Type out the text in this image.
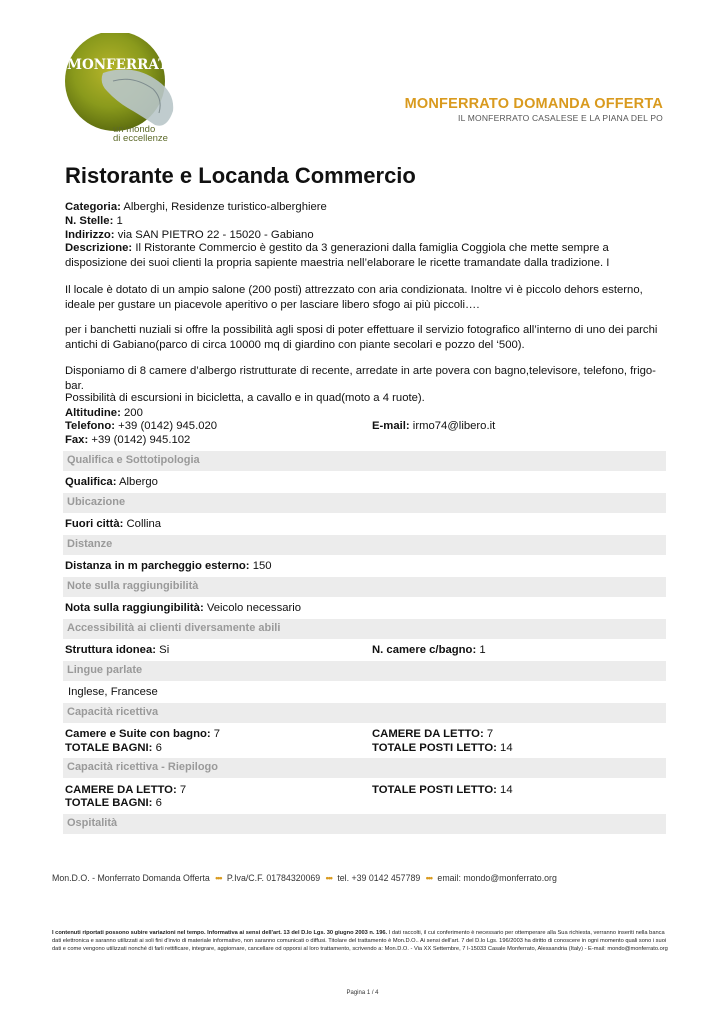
MONFERRATO
un mondo
di eccellenze
MONFERRATO DOMANDA OFFERTA
IL MONFERRATO CASALESE E LA PIANA DEL PO
Ristorante e Locanda Commercio
Categoria: Alberghi, Residenze turistico-alberghiere
N. Stelle: 1
Indirizzo: via SAN PIETRO 22 - 15020 - Gabiano
Descrizione: Il Ristorante Commercio è gestito da 3 generazioni dalla famiglia Coggiola che mette sempre a disposizione dei suoi clienti la propria sapiente maestria nell’elaborare le ricette tramandate dalla tradizione. I
Il locale è dotato di un ampio salone (200 posti) attrezzato con aria condizionata. Inoltre vi è piccolo dehors esterno, ideale per gustare un piacevole aperitivo o per lasciare libero sfogo ai più piccoli….
per i banchetti nuziali si offre la possibilità agli sposi di poter effettuare il servizio fotografico all’interno di uno dei parchi antichi di Gabiano(parco di circa 10000 mq di giardino con piante secolari e pozzo del ‘500).
Disponiamo di 8 camere d’albergo ristrutturate di recente, arredate in arte povera con bagno,televisore, telefono, frigo-bar.
Possibilità di escursioni in bicicletta, a cavallo e in quad(moto a 4 ruote).
Altitudine: 200
Telefono: +39 (0142) 945.020	E-mail: irmo74@libero.it
Fax: +39 (0142) 945.102
Qualifica e Sottotipologia
Qualifica: Albergo
Ubicazione
Fuori città: Collina
Distanze
Distanza in m parcheggio esterno: 150
Note sulla raggiungibilità
Nota sulla raggiungibilità: Veicolo necessario
Accessibilità ai clienti diversamente abili
Struttura idonea: Si	N. camere c/bagno: 1
Lingue parlate
Inglese, Francese
Capacità ricettiva
Camere e Suite con bagno: 7
TOTALE BAGNI: 6
CAMERE DA LETTO: 7
TOTALE POSTI LETTO: 14
Capacità ricettiva - Riepilogo
CAMERE DA LETTO: 7
TOTALE BAGNI: 6
TOTALE POSTI LETTO: 14
Ospitalità
Mon.D.O. - Monferrato Domanda Offerta ••• P.Iva/C.F. 01784320069 ••• tel. +39 0142 457789 ••• email: mondo@monferrato.org
I contenuti riportati possono subire variazioni nel tempo. Informativa ai sensi dell'art. 13 del D.lo Lgs. 30 giugno 2003 n. 196. I dati raccolti, il cui conferimento è necessario per ottemperare alla Sua richiesta, verranno inseriti nella banca dati elettronica e saranno utilizzati ai soli fini d'invio di materiale informativo, non saranno comunicati o diffusi. Titolare del trattamento è Mon.D.O.. Ai sensi dell'art. 7 del D.lo Lgs. 196/2003 ha diritto di conoscere in ogni momento quali sono i suoi dati e come vengono utilizzati nonché di farli rettificare, integrare, aggiornare, cancellare od opporsi al loro trattamento, scrivendo a: Mon.D.O. - Via XX Settembre, 7 I-15033 Casale Monferrato, Alessandria (Italy) - E-mail: mondo@monferrato.org
Pagina 1 / 4
